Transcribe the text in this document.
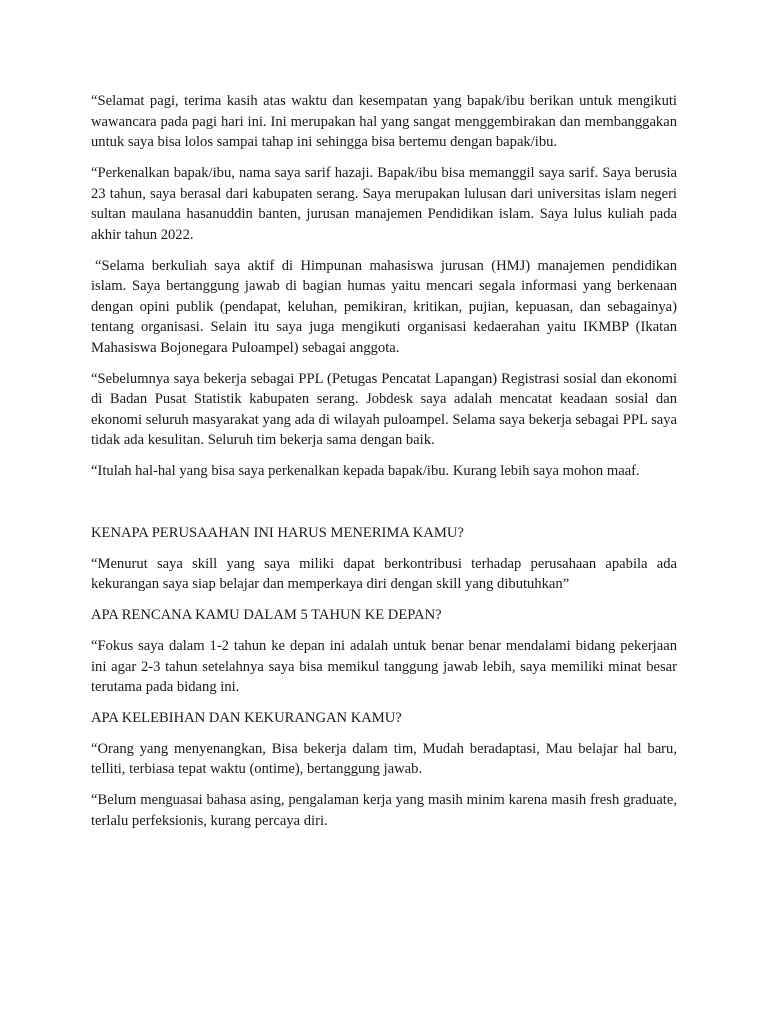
“Selamat pagi, terima kasih atas waktu dan kesempatan yang bapak/ibu berikan untuk mengikuti wawancara pada pagi hari ini. Ini merupakan hal yang sangat menggembirakan dan membanggakan untuk saya bisa lolos sampai tahap ini sehingga bisa bertemu dengan bapak/ibu.

“Perkenalkan bapak/ibu, nama saya sarif hazaji. Bapak/ibu bisa memanggil saya sarif. Saya berusia 23 tahun, saya berasal dari kabupaten serang. Saya merupakan lulusan dari universitas islam negeri sultan maulana hasanuddin banten, jurusan manajemen Pendidikan islam. Saya lulus kuliah pada akhir tahun 2022.

“Selama berkuliah saya aktif di Himpunan mahasiswa jurusan (HMJ) manajemen pendidikan islam. Saya bertanggung jawab di bagian humas yaitu mencari segala informasi yang berkenaan dengan opini publik (pendapat, keluhan, pemikiran, kritikan, pujian, kepuasan, dan sebagainya) tentang organisasi. Selain itu saya juga mengikuti organisasi kedaerahan yaitu IKMBP (Ikatan Mahasiswa Bojonegara Puloampel) sebagai anggota.

“Sebelumnya saya bekerja sebagai PPL (Petugas Pencatat Lapangan) Registrasi sosial dan ekonomi di Badan Pusat Statistik kabupaten serang. Jobdesk saya adalah mencatat keadaan sosial dan ekonomi seluruh masyarakat yang ada di wilayah puloampel. Selama saya bekerja sebagai PPL saya tidak ada kesulitan. Seluruh tim bekerja sama dengan baik.

“Itulah hal-hal yang bisa saya perkenalkan kepada bapak/ibu. Kurang lebih saya mohon maaf.

KENAPA PERUSAAHAN INI HARUS MENERIMA KAMU?

“Menurut saya skill yang saya miliki dapat berkontribusi terhadap perusahaan apabila ada kekurangan saya siap belajar dan memperkaya diri dengan skill yang dibutuhkan”

APA RENCANA KAMU DALAM 5 TAHUN KE DEPAN?

“Fokus saya dalam 1-2 tahun ke depan ini adalah untuk benar benar mendalami bidang pekerjaan ini agar 2-3 tahun setelahnya saya bisa memikul tanggung jawab lebih, saya memiliki minat besar terutama pada bidang ini.

APA KELEBIHAN DAN KEKURANGAN KAMU?

“Orang yang menyenangkan, Bisa bekerja dalam tim, Mudah beradaptasi, Mau belajar hal baru, telliti, terbiasa tepat waktu (ontime), bertanggung jawab.

“Belum menguasai bahasa asing, pengalaman kerja yang masih minim karena masih fresh graduate, terlalu perfeksionis, kurang percaya diri.
